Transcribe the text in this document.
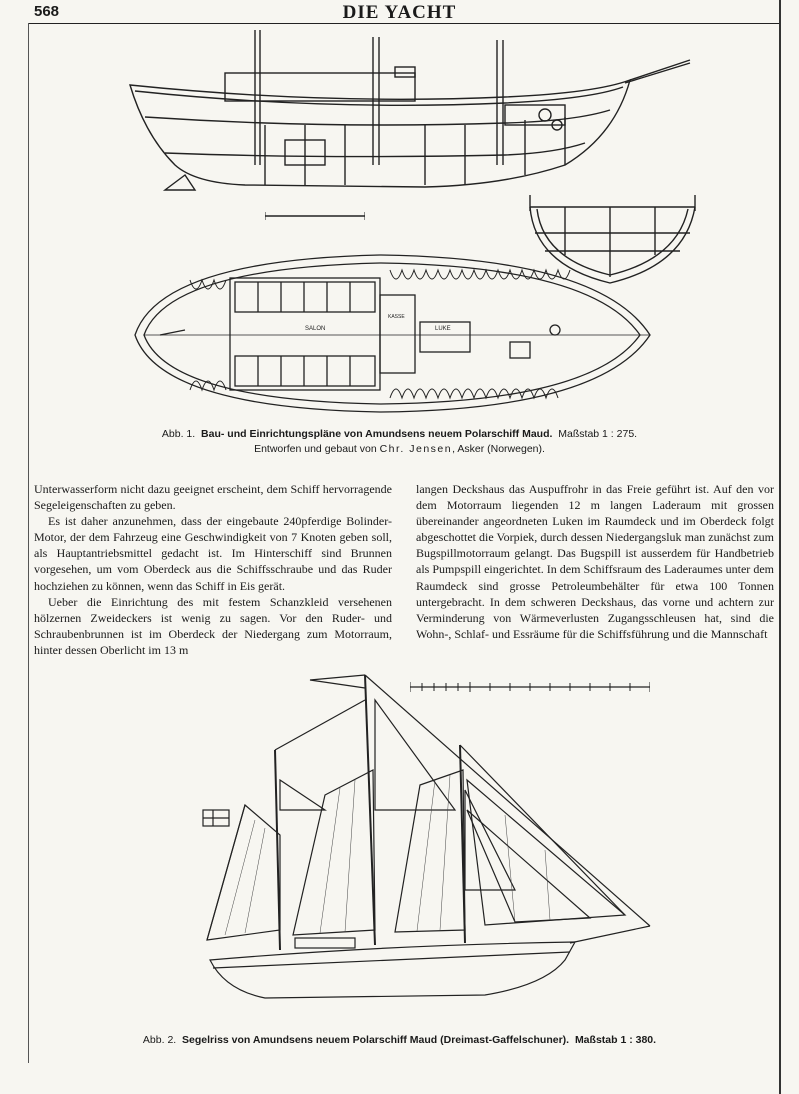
568	DIE YACHT
SALON	LUKE
KASSE
Abb. 1. Bau- und Einrichtungspläne von Amundsens neuem Polarschiff Maud. Maßstab 1 : 275.
Entworfen und gebaut von Chr. Jensen, Asker (Norwegen).

Unterwasserform nicht dazu geeignet erscheint, dem Schiff hervorragende Segeleigenschaften zu geben.

Es ist daher anzunehmen, dass der eingebaute 240pferdige Bolinder-Motor, der dem Fahrzeug eine Geschwindigkeit von 7 Knoten geben soll, als Hauptantriebsmittel gedacht ist. Im Hinterschiff sind Brunnen vorgesehen, um vom Oberdeck aus die Schiffsschraube und das Ruder hochziehen zu können, wenn das Schiff in Eis gerät.

Ueber die Einrichtung des mit festem Schanzkleid versehenen hölzernen Zweideckers ist wenig zu sagen. Vor den Ruder- und Schraubenbrunnen ist im Oberdeck der Niedergang zum Motorraum, hinter dessen Oberlicht im 13 m

langen Deckshaus das Auspuffrohr in das Freie geführt ist. Auf den vor dem Motorraum liegenden 12 m langen Laderaum mit grossen übereinander angeordneten Luken im Raumdeck und im Oberdeck folgt abgeschottet die Vorpiek, durch dessen Niedergangsluk man zunächst zum Bugspillmotorraum gelangt. Das Bugspill ist ausserdem für Handbetrieb als Pumpspill eingerichtet. In dem Schiffsraum des Laderaumes unter dem Raumdeck sind grosse Petroleumbehälter für etwa 100 Tonnen untergebracht. In dem schweren Deckshaus, das vorne und achtern zur Verminderung von Wärmeverlusten Zugangsschleusen hat, sind die Wohn-, Schlaf- und Essräume für die Schiffsführung und die Mannschaft

Abb. 2. Segelriss von Amundsens neuem Polarschiff Maud (Dreimast-Gaffelschuner). Maßstab 1 : 380.
